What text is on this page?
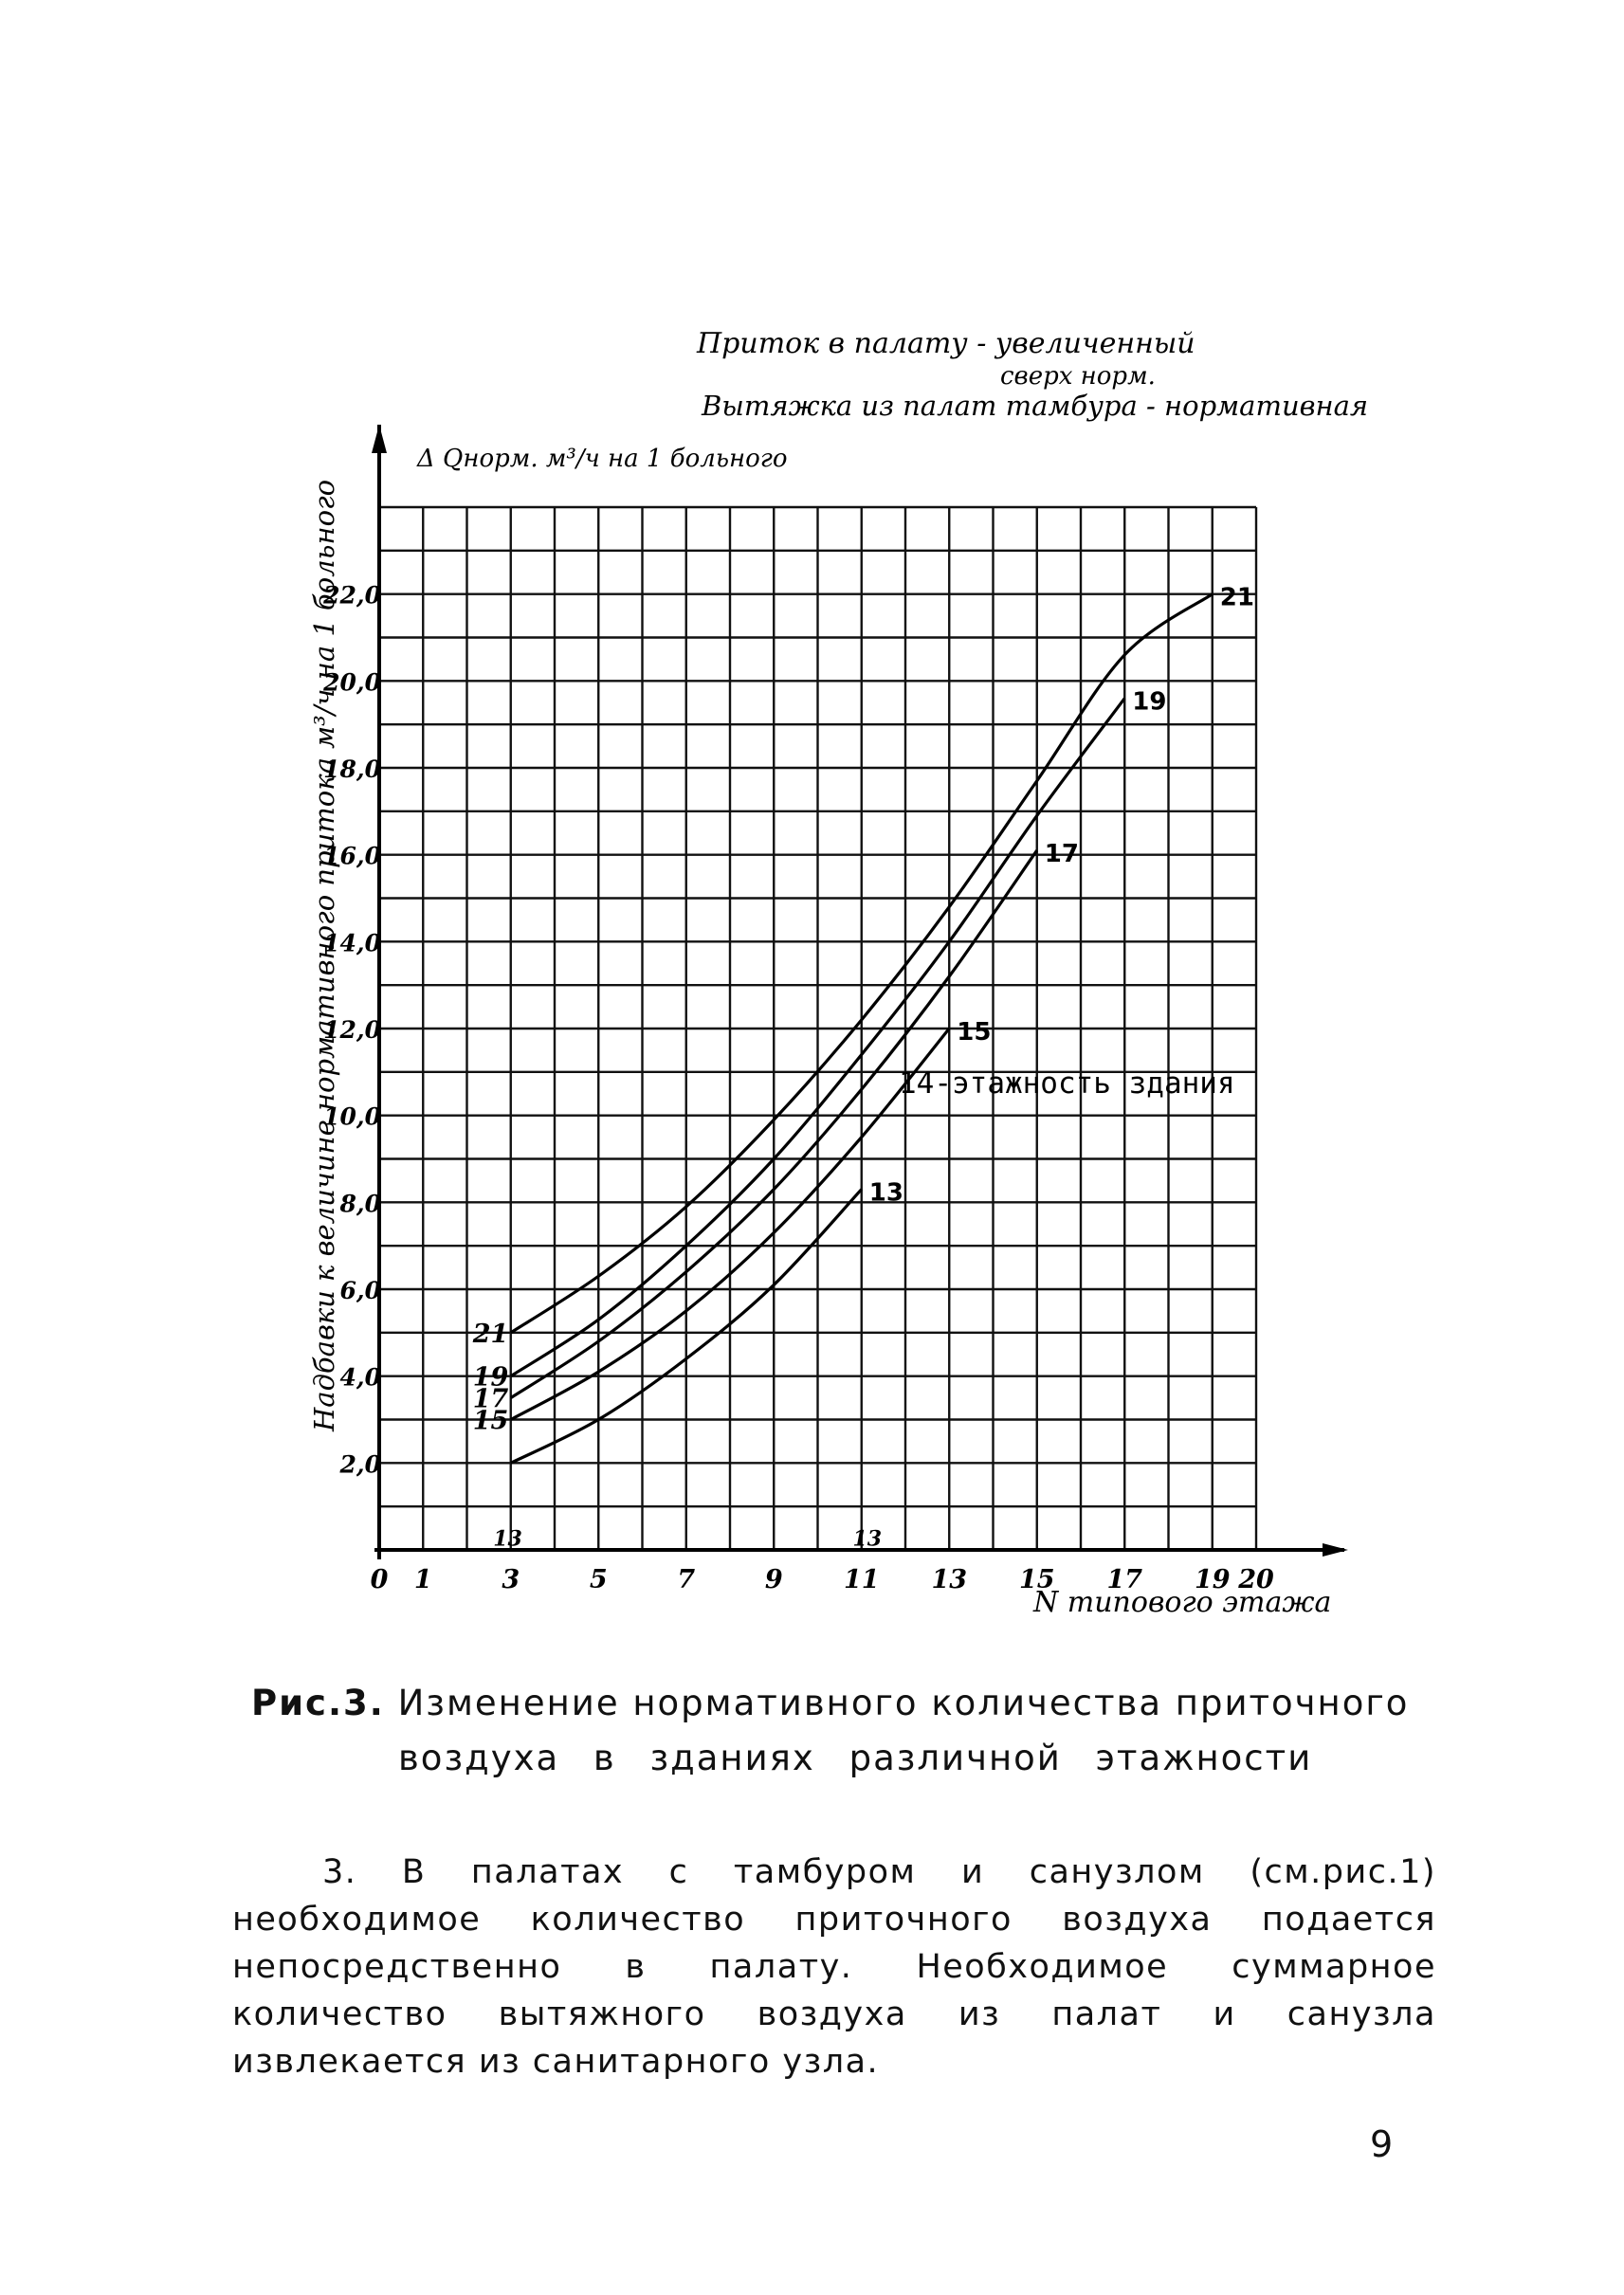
13
15
17
19
21
21
19
17
15
13	13
0 1	3	5	7	9 11 13 15 17 19 20
2,0
4,0
6,0
8,0
10,0
12,0
14,0
16,0
18,0
20,0
22,0
Приток в палату - увеличенный
сверх норм.
Вытяжка из палат тамбура - нормативная
Δ Qнорм. м³/ч на 1 больного
Надбавки к величине нормативного притока м³/ч на 1 больного
N типового этажа
14-этажность здания
Рис.3. Изменение нормативного количества приточного
воздуха в зданиях различной этажности
3. В палатах с тамбуром и санузлом (см.рис.1) необходимое количество приточного воздуха подается непосредственно в палату. Необходимое суммарное количество вытяжного воздуха из палат и санузла извлекается из санитарного узла.
9
